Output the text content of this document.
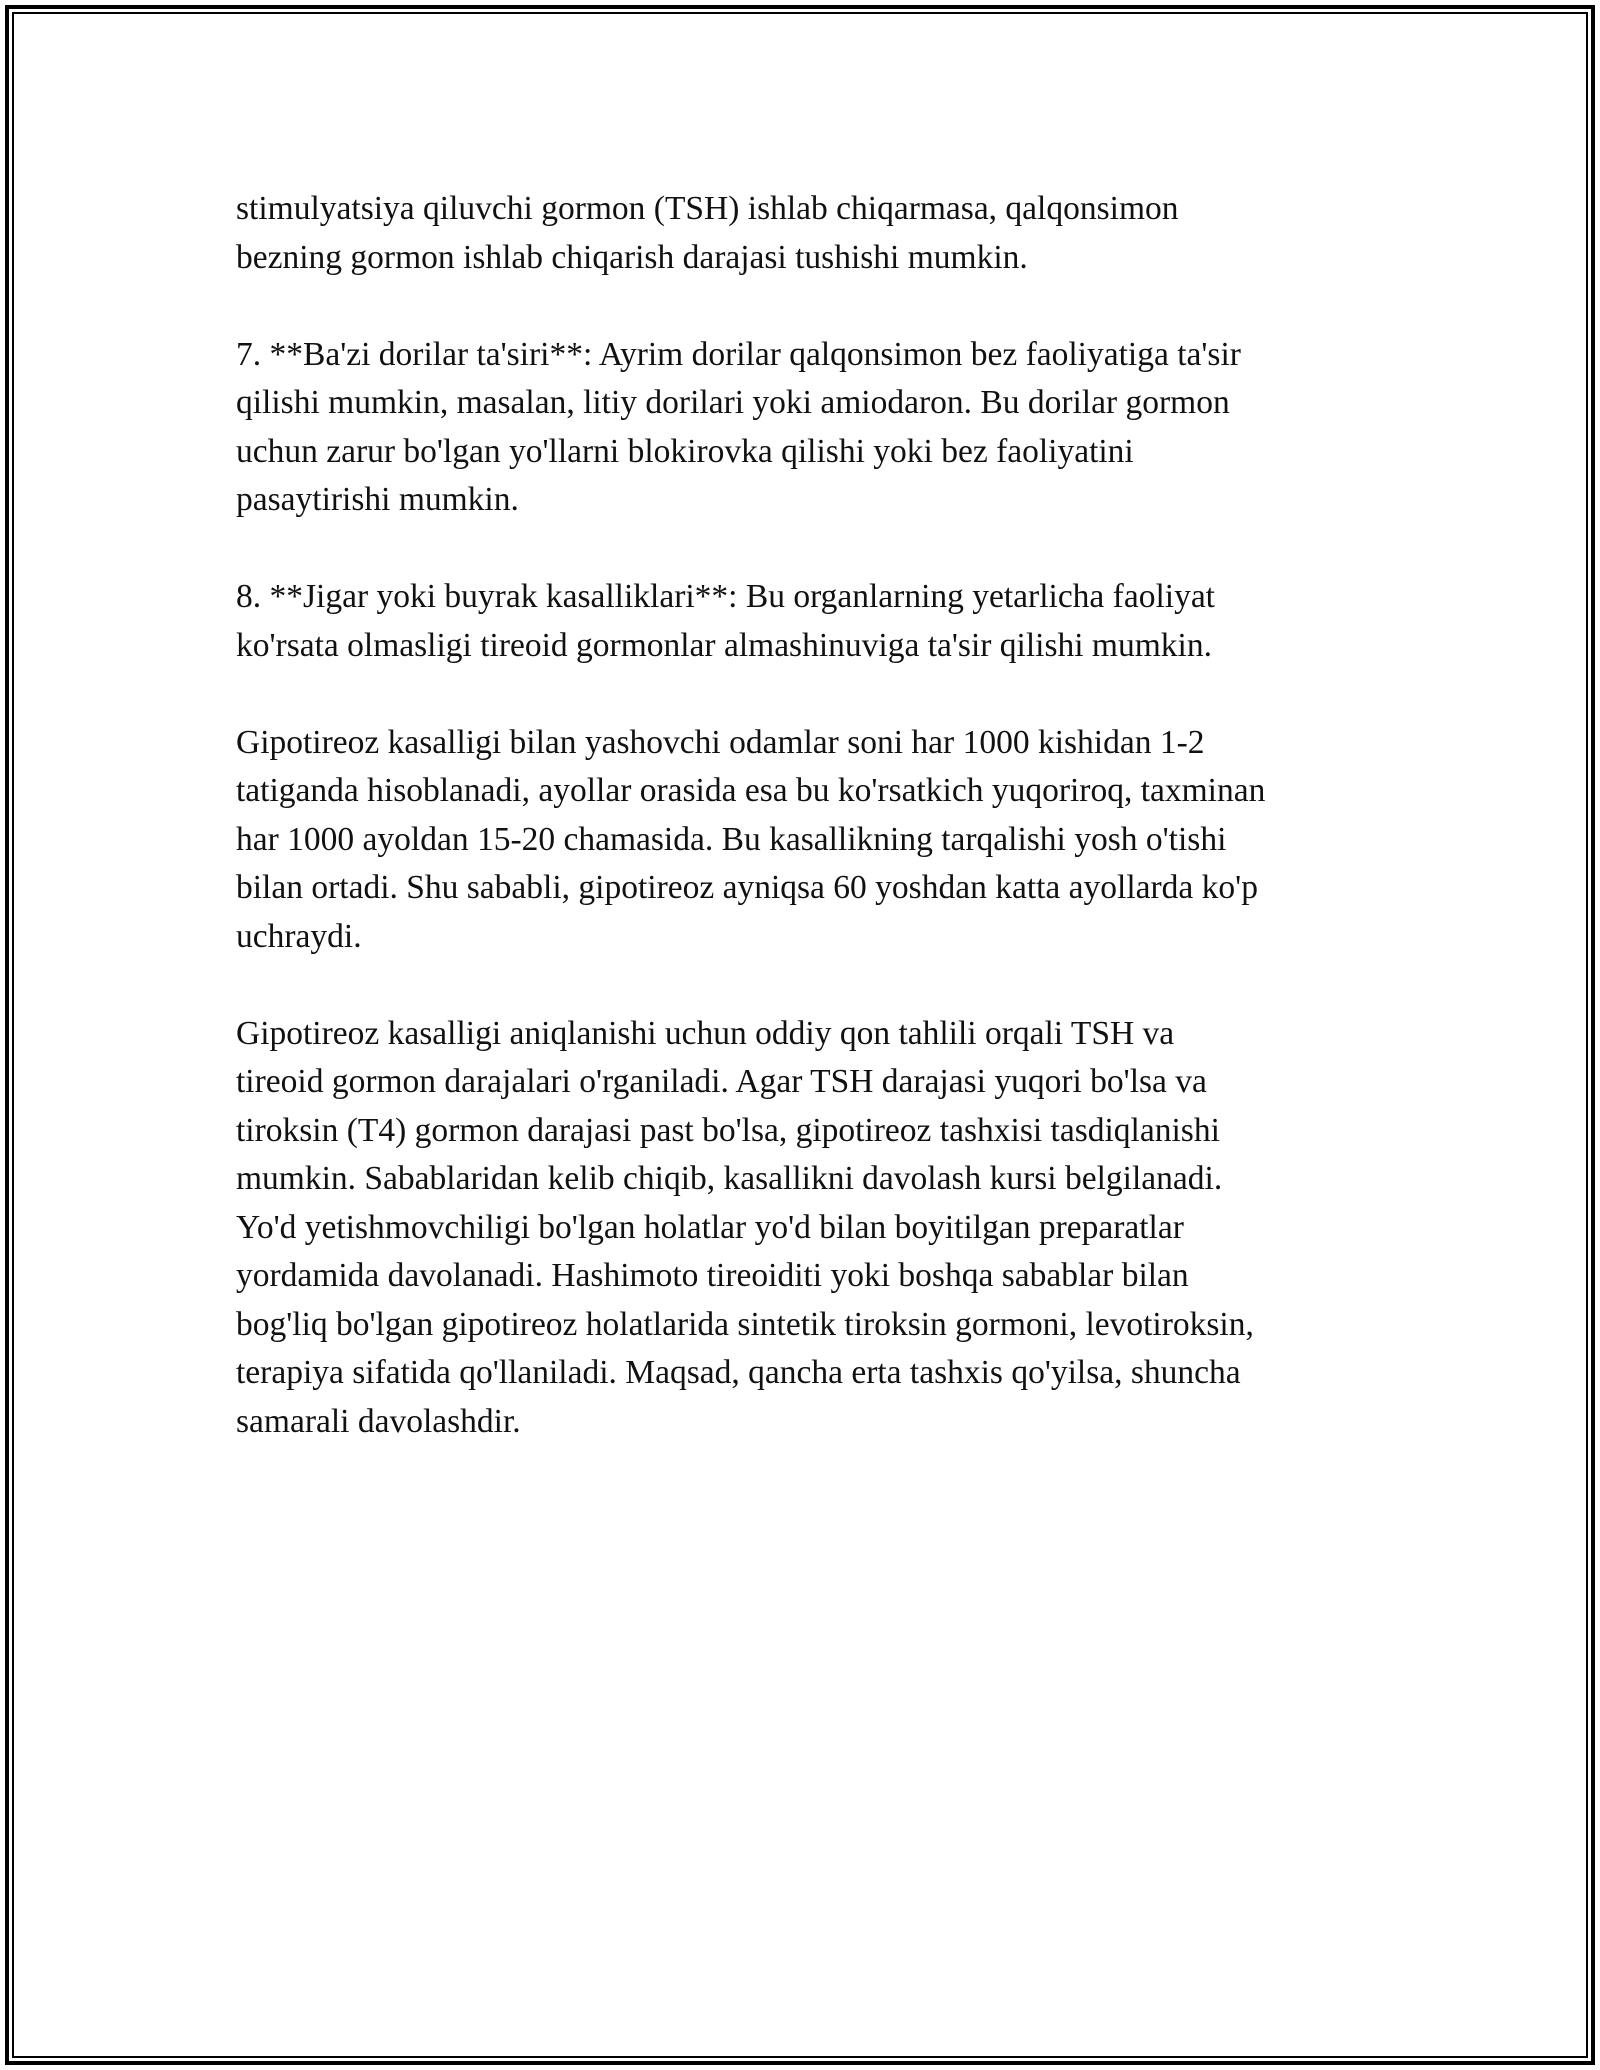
stimulyatsiya qiluvchi gormon (TSH) ishlab chiqarmasa, qalqonsimon
bezning gormon ishlab chiqarish darajasi tushishi mumkin.

7. **Ba'zi dorilar ta'siri**: Ayrim dorilar qalqonsimon bez faoliyatiga ta'sir
qilishi mumkin, masalan, litiy dorilari yoki amiodaron. Bu dorilar gormon
uchun zarur bo'lgan yo'llarni blokirovka qilishi yoki bez faoliyatini
pasaytirishi mumkin.

8. **Jigar yoki buyrak kasalliklari**: Bu organlarning yetarlicha faoliyat
ko'rsata olmasligi tireoid gormonlar almashinuviga ta'sir qilishi mumkin.

Gipotireoz kasalligi bilan yashovchi odamlar soni har 1000 kishidan 1-2
tatiganda hisoblanadi, ayollar orasida esa bu ko'rsatkich yuqoriroq, taxminan
har 1000 ayoldan 15-20 chamasida. Bu kasallikning tarqalishi yosh o'tishi
bilan ortadi. Shu sababli, gipotireoz ayniqsa 60 yoshdan katta ayollarda ko'p
uchraydi.

Gipotireoz kasalligi aniqlanishi uchun oddiy qon tahlili orqali TSH va
tireoid gormon darajalari o'rganiladi. Agar TSH darajasi yuqori bo'lsa va
tiroksin (T4) gormon darajasi past bo'lsa, gipotireoz tashxisi tasdiqlanishi
mumkin. Sabablaridan kelib chiqib, kasallikni davolash kursi belgilanadi.
Yo'd yetishmovchiligi bo'lgan holatlar yo'd bilan boyitilgan preparatlar
yordamida davolanadi. Hashimoto tireoiditi yoki boshqa sabablar bilan
bog'liq bo'lgan gipotireoz holatlarida sintetik tiroksin gormoni, levotiroksin,
terapiya sifatida qo'llaniladi. Maqsad, qancha erta tashxis qo'yilsa, shuncha
samarali davolashdir.
